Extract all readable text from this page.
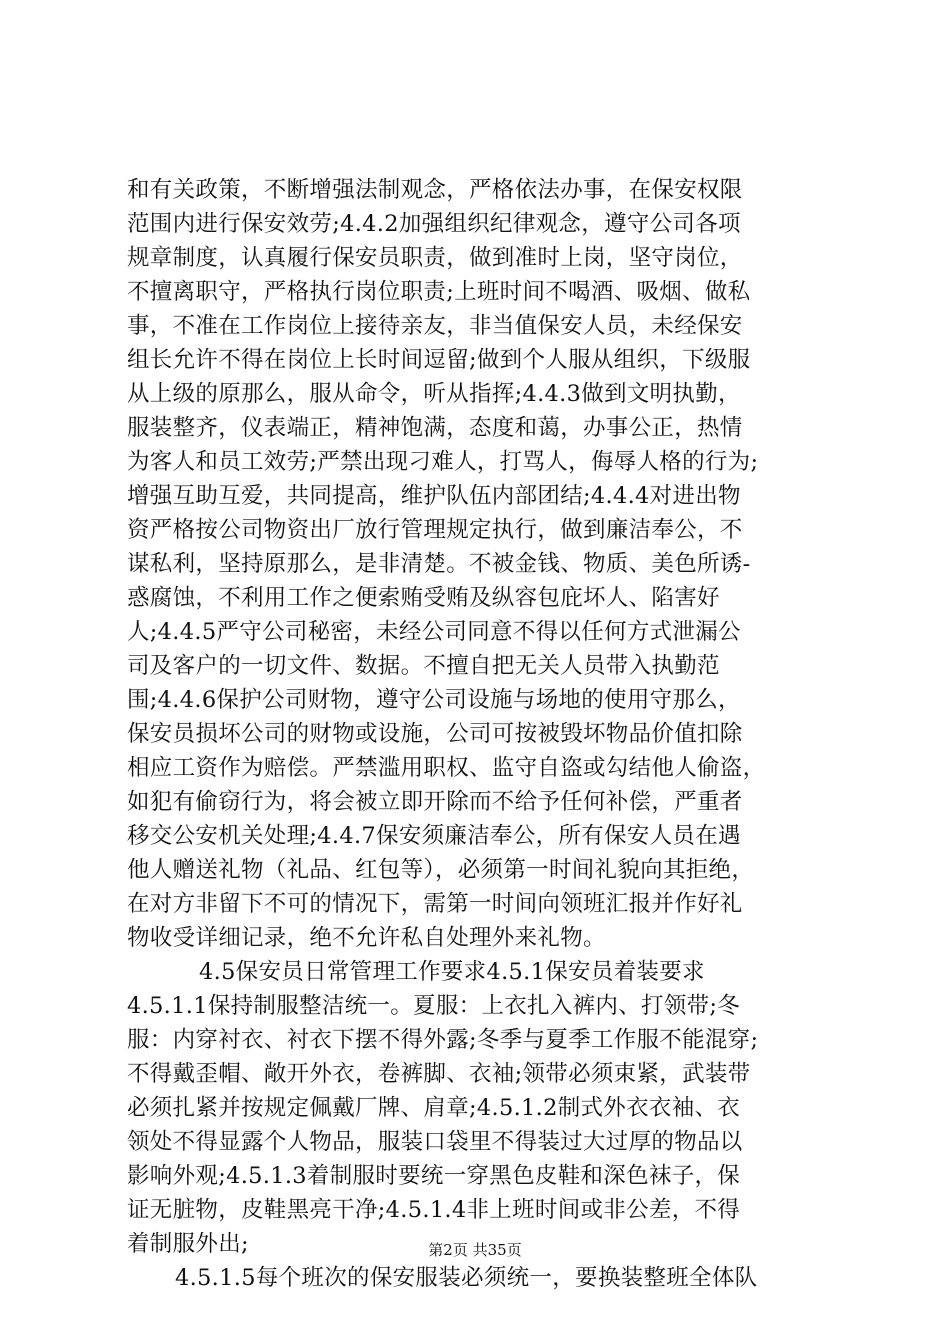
和有关政策，不断增强法制观念，严格依法办事，在保安权限
范围内进行保安效劳;4.4.2加强组织纪律观念，遵守公司各项
规章制度，认真履行保安员职责，做到准时上岗，坚守岗位，
不擅离职守，严格执行岗位职责;上班时间不喝酒、吸烟、做私
事，不准在工作岗位上接待亲友，非当值保安人员，未经保安
组长允许不得在岗位上长时间逗留;做到个人服从组织，下级服
从上级的原那么，服从命令，听从指挥;4.4.3做到文明执勤，
服装整齐，仪表端正，精神饱满，态度和蔼，办事公正，热情
为客人和员工效劳;严禁出现刁难人，打骂人，侮辱人格的行为;
增强互助互爱，共同提高，维护队伍内部团结;4.4.4对进出物
资严格按公司物资出厂放行管理规定执行，做到廉洁奉公，不
谋私利，坚持原那么，是非清楚。不被金钱、物质、美色所诱-
惑腐蚀，不利用工作之便索贿受贿及纵容包庇坏人、陷害好
人;4.4.5严守公司秘密，未经公司同意不得以任何方式泄漏公
司及客户的一切文件、数据。不擅自把无关人员带入执勤范
围;4.4.6保护公司财物，遵守公司设施与场地的使用守那么，
保安员损坏公司的财物或设施，公司可按被毁坏物品价值扣除
相应工资作为赔偿。严禁滥用职权、监守自盗或勾结他人偷盗，
如犯有偷窃行为，将会被立即开除而不给予任何补偿，严重者
移交公安机关处理;4.4.7保安须廉洁奉公，所有保安人员在遇
他人赠送礼物（礼品、红包等），必须第一时间礼貌向其拒绝，
在对方非留下不可的情况下，需第一时间向领班汇报并作好礼
物收受详细记录，绝不允许私自处理外来礼物。
4.5保安员日常管理工作要求4.5.1保安员着装要求
4.5.1.1保持制服整洁统一。夏服：上衣扎入裤内、打领带;冬
服：内穿衬衣、衬衣下摆不得外露;冬季与夏季工作服不能混穿;
不得戴歪帽、敞开外衣，卷裤脚、衣袖;领带必须束紧，武装带
必须扎紧并按规定佩戴厂牌、肩章;4.5.1.2制式外衣衣袖、衣
领处不得显露个人物品，服装口袋里不得装过大过厚的物品以
影响外观;4.5.1.3着制服时要统一穿黑色皮鞋和深色袜子，保
证无脏物，皮鞋黑亮干净;4.5.1.4非上班时间或非公差，不得
着制服外出;
4.5.1.5每个班次的保安服装必须统一，要换装整班全体队
第2页 共35页
